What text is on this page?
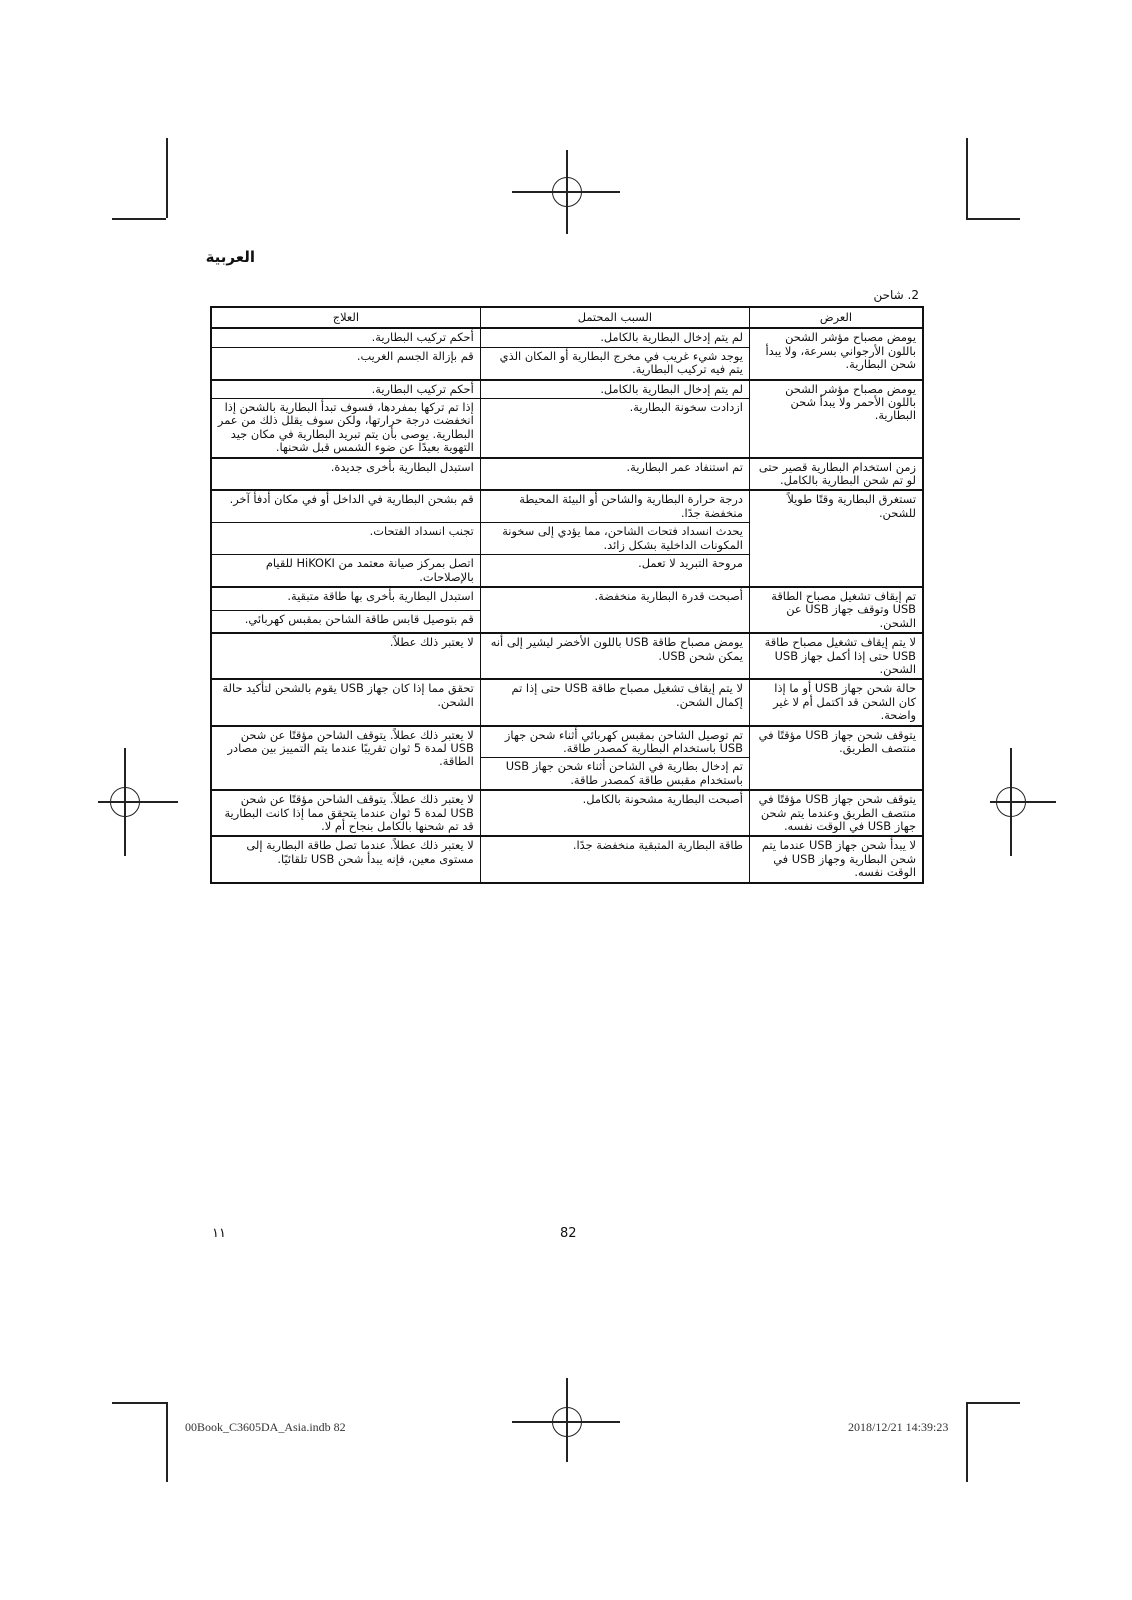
العربية
2. شاحن
العرض	السبب المحتمل	العلاج
يومض مصباح مؤشر الشحن باللون الأرجواني بسرعة، ولا يبدأ شحن البطارية.	لم يتم إدخال البطارية بالكامل.	أحكم تركيب البطارية.
	يوجد شيء غريب في مخرج البطارية أو المكان الذي يتم فيه تركيب البطارية.	قم بإزالة الجسم الغريب.
يومض مصباح مؤشر الشحن باللون الأحمر ولا يبدأ شحن البطارية.	لم يتم إدخال البطارية بالكامل.	أحكم تركيب البطارية.
	ازدادت سخونة البطارية.	إذا تم تركها بمفردها، فسوف تبدأ البطارية بالشحن إذا انخفضت درجة حرارتها، ولكن سوف يقلل ذلك من عمر البطارية. يوصى بأن يتم تبريد البطارية في مكان جيد التهوية بعيدًا عن ضوء الشمس قبل شحنها.
زمن استخدام البطارية قصير حتى لو تم شحن البطارية بالكامل.	تم استنفاد عمر البطارية.	استبدل البطارية بأخرى جديدة.
تستغرق البطارية وقتًا طويلاً للشحن.	درجة حرارة البطارية والشاحن أو البيئة المحيطة منخفضة جدًا.	قم بشحن البطارية في الداخل أو في مكان أدفأ آخر.
	يحدث انسداد فتحات الشاحن، مما يؤدي إلى سخونة المكونات الداخلية بشكل زائد.	تجنب انسداد الفتحات.
	مروحة التبريد لا تعمل.	اتصل بمركز صيانة معتمد من HiKOKI للقيام بالإصلاحات.
تم إيقاف تشغيل مصباح الطاقة USB وتوقف جهاز USB عن الشحن.	أصبحت قدرة البطارية منخفضة.	استبدل البطارية بأخرى بها طاقة متبقية.
		قم بتوصيل قابس طاقة الشاحن بمقبس كهربائي.
لا يتم إيقاف تشغيل مصباح طاقة USB حتى إذا أكمل جهاز USB الشحن.	يومض مصباح طاقة USB باللون الأخضر ليشير إلى أنه يمكن شحن USB.	لا يعتبر ذلك عطلاً.
حالة شحن جهاز USB أو ما إذا كان الشحن قد اكتمل أم لا غير واضحة.	لا يتم إيقاف تشغيل مصباح طاقة USB حتى إذا تم إكمال الشحن.	تحقق مما إذا كان جهاز USB يقوم بالشحن لتأكيد حالة الشحن.
يتوقف شحن جهاز USB مؤقتًا في منتصف الطريق.	تم توصيل الشاحن بمقبس كهربائي أثناء شحن جهاز USB باستخدام البطارية كمصدر طاقة.	لا يعتبر ذلك عطلاً. يتوقف الشاحن مؤقتًا عن شحن USB لمدة 5 ثوان تقريبًا عندما يتم التمييز بين مصادر الطاقة.
	تم إدخال بطارية في الشاحن أثناء شحن جهاز USB باستخدام مقبس طاقة كمصدر طاقة.	
يتوقف شحن جهاز USB مؤقتًا في منتصف الطريق وعندما يتم شحن جهاز USB في الوقت نفسه.	أصبحت البطارية مشحونة بالكامل.	لا يعتبر ذلك عطلاً. يتوقف الشاحن مؤقتًا عن شحن USB لمدة 5 ثوان عندما يتحقق مما إذا كانت البطارية قد تم شحنها بالكامل بنجاح أم لا.
لا يبدأ شحن جهاز USB عندما يتم شحن البطارية وجهاز USB في الوقت نفسه.	طاقة البطارية المتبقية منخفضة جدًا.	لا يعتبر ذلك عطلاً. عندما تصل طاقة البطارية إلى مستوى معين، فإنه يبدأ شحن USB تلقائيًا.
١١	82
00Book_C3605DA_Asia.indb 82	2018/12/21 14:39:23
